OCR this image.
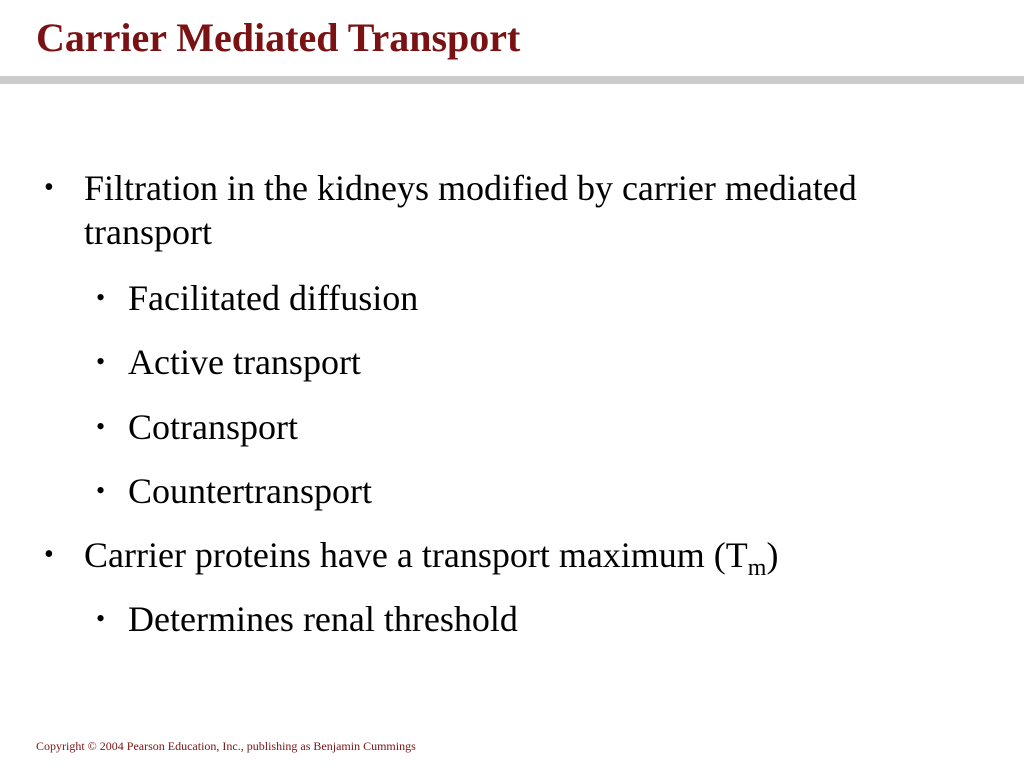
Carrier Mediated Transport
• Filtration in the kidneys modified by carrier mediated transport
• Facilitated diffusion
• Active transport
• Cotransport
• Countertransport
• Carrier proteins have a transport maximum $(T_m)$
• Determines renal threshold
Copyright © 2004 Pearson Education, Inc., publishing as Benjamin Cummings
